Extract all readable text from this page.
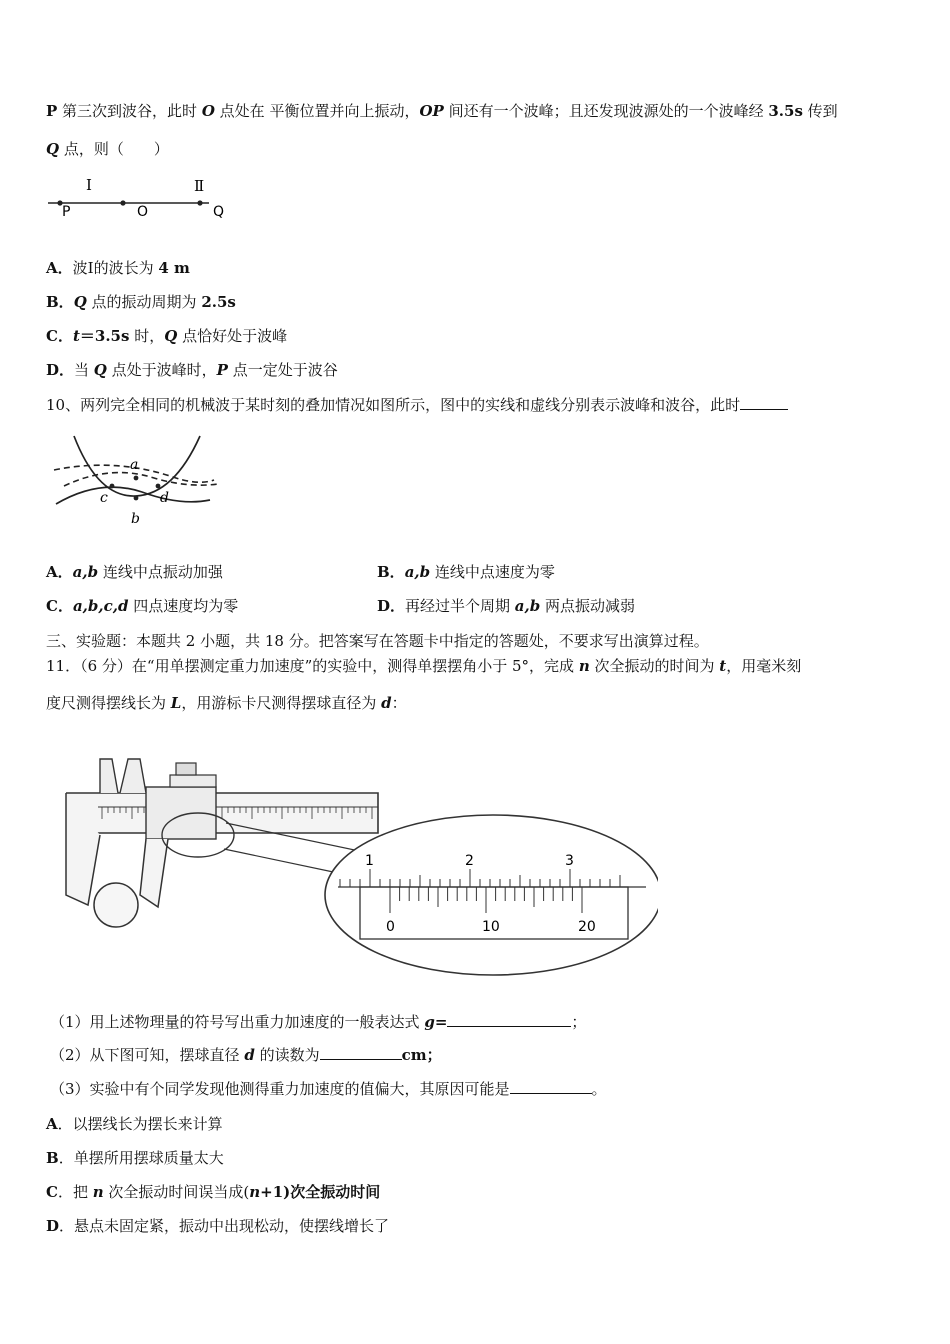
P 第三次到波谷，此时 O 点处在 平衡位置并向上振动，OP 间还有一个波峰；且还发现波源处的一个波峰经 3.5s 传到
Q 点，则（　　）
Ⅰ	Ⅱ
P	O	Q
A．波Ⅰ的波长为 4 m
B．Q 点的振动周期为 2.5s
C．t＝3.5s 时，Q 点恰好处于波峰
D．当 Q 点处于波峰时，P 点一定处于波谷
10、两列完全相同的机械波于某时刻的叠加情况如图所示，图中的实线和虚线分别表示波峰和波谷，此时
a
b
c	d
A．a,b 连线中点振动加强	B．a,b 连线中点速度为零
C．a,b,c,d 四点速度均为零	D．再经过半个周期 a,b 两点振动减弱
三、实验题：本题共 2 小题，共 18 分。把答案写在答题卡中指定的答题处，不要求写出演算过程。
11．（6 分）在“用单摆测定重力加速度”的实验中，测得单摆摆角小于 5°，完成 n 次全振动的时间为 t，用毫米刻
度尺测得摆线长为 L，用游标卡尺测得摆球直径为 d：
1	2	3
0	10	20
（1）用上述物理量的符号写出重力加速度的一般表达式 g=	；
（2）从下图可知，摆球直径 d 的读数为	cm；
（3）实验中有个同学发现他测得重力加速度的值偏大，其原因可能是	。
A．以摆线长为摆长来计算
B．单摆所用摆球质量太大
C．把 n 次全振动时间误当成(n+1)次全振动时间
D．悬点未固定紧，振动中出现松动，使摆线增长了
